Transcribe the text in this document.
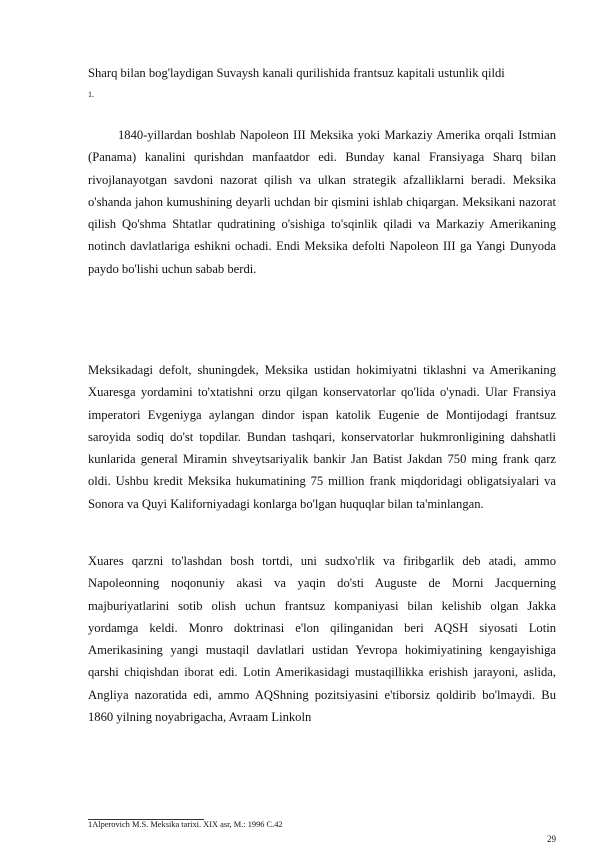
Sharq bilan bog'laydigan Suvaysh kanali qurilishida frantsuz kapitali ustunlik qildi

1.

1840-yillardan boshlab Napoleon III Meksika yoki Markaziy Amerika orqali Istmian (Panama) kanalini qurishdan manfaatdor edi. Bunday kanal Fransiyaga Sharq bilan rivojlanayotgan savdoni nazorat qilish va ulkan strategik afzalliklarni beradi. Meksika o'shanda jahon kumushining deyarli uchdan bir qismini ishlab chiqargan. Meksikani nazorat qilish Qo'shma Shtatlar qudratining o'sishiga to'sqinlik qiladi va Markaziy Amerikaning notinch davlatlariga eshikni ochadi. Endi Meksika defolti Napoleon III ga Yangi Dunyoda paydo bo'lishi uchun sabab berdi.

Meksikadagi defolt, shuningdek, Meksika ustidan hokimiyatni tiklashni va Amerikaning Xuaresga yordamini to'xtatishni orzu qilgan konservatorlar qo'lida o'ynadi. Ular Fransiya imperatori Evgeniyga aylangan dindor ispan katolik Eugenie de Montijodagi frantsuz saroyida sodiq do'st topdilar. Bundan tashqari, konservatorlar hukmronligining dahshatli kunlarida general Miramin shveytsariyalik bankir Jan Batist Jakdan 750 ming frank qarz oldi. Ushbu kredit Meksika hukumatining 75 million frank miqdoridagi obligatsiyalari va Sonora va Quyi Kaliforniyadagi konlarga bo'lgan huquqlar bilan ta'minlangan.

Xuares qarzni to'lashdan bosh tortdi, uni sudxo'rlik va firibgarlik deb atadi, ammo Napoleonning noqonuniy akasi va yaqin do'sti Auguste de Morni Jacquerning majburiyatlarini sotib olish uchun frantsuz kompaniyasi bilan kelishib olgan Jakka yordamga keldi. Monro doktrinasi e'lon qilinganidan beri AQSH siyosati Lotin Amerikasining yangi mustaqil davlatlari ustidan Yevropa hokimiyatining kengayishiga qarshi chiqishdan iborat edi. Lotin Amerikasidagi mustaqillikka erishish jarayoni, aslida, Angliya nazoratida edi, ammo AQShning pozitsiyasini e'tiborsiz qoldirib bo'lmaydi. Bu 1860 yilning noyabrigacha, Avraam Linkoln

1Alperovich M.S. Meksika tarixi. XIX asr, M.: 1996 C.42
29
